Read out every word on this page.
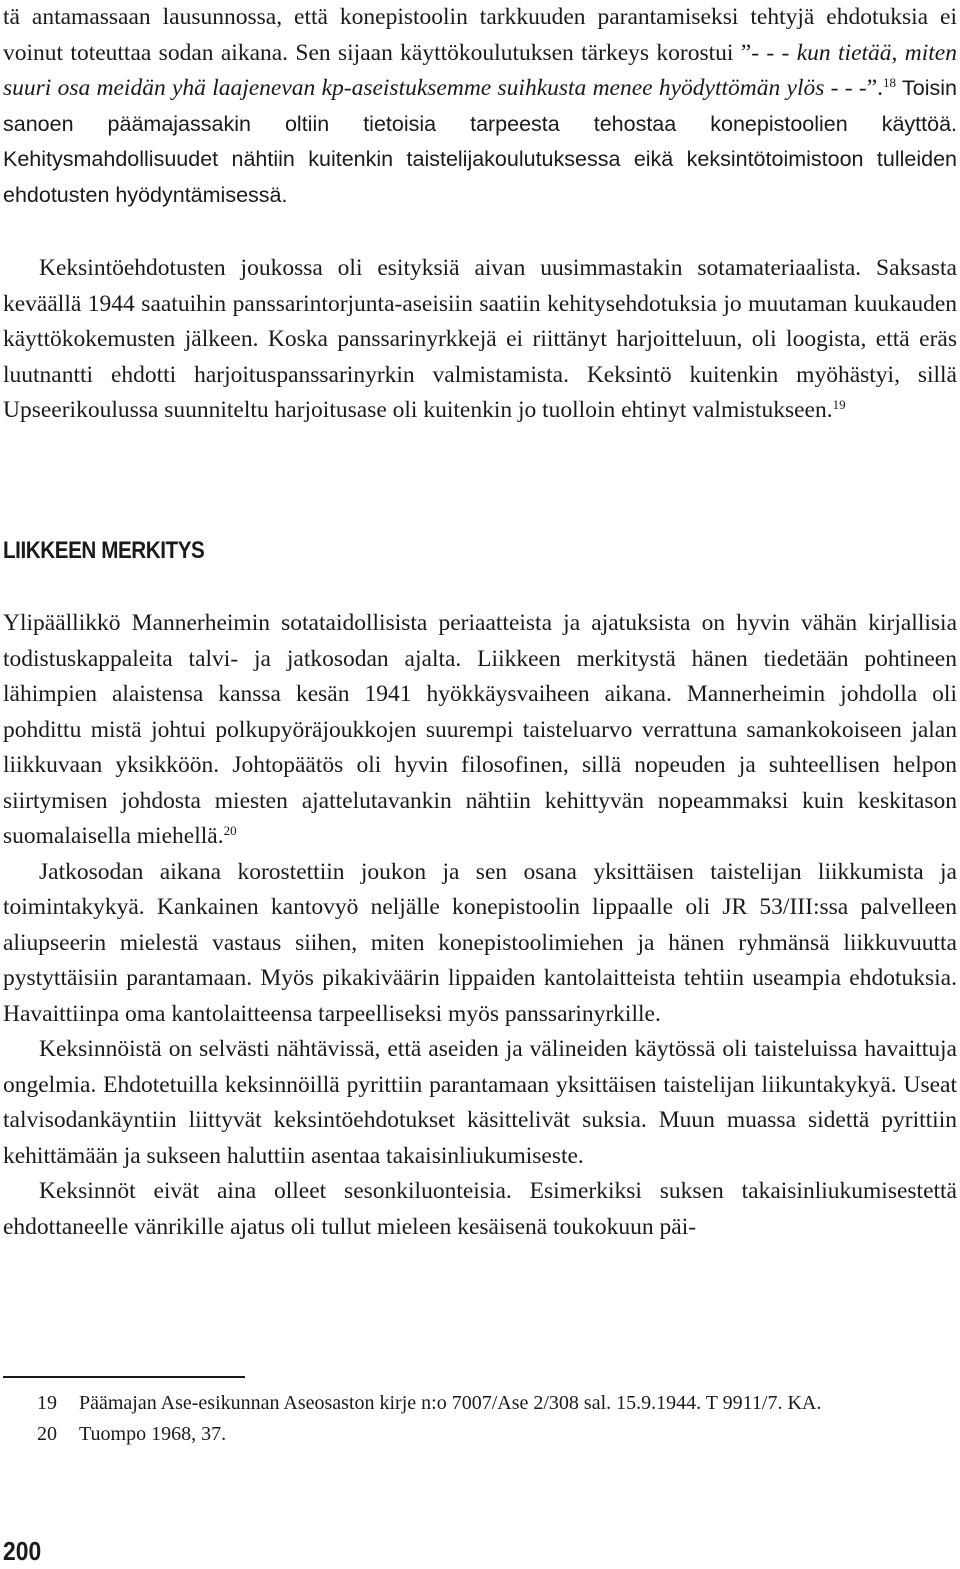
tä antamassaan lausunnossa, että konepistoolin tarkkuuden parantamiseksi tehtyjä ehdotuksia ei voinut toteuttaa sodan aikana. Sen sijaan käyttökoulutuksen tärkeys korostui ”- - - kun tietää, miten suuri osa meidän yhä laajenevan kp-aseistuksemme suihkusta menee hyödyttömän ylös - - -”.$^{18}$ Toisin sanoen päämajassakin oltiin tietoisia tarpeesta tehostaa konepistoolien käyttöä. Kehitysmahdollisuudet nähtiin kuitenkin taistelijakoulutuksessa eikä keksintötoimistoon tulleiden ehdotusten hyödyntämisessä.

Keksintöehdotusten joukossa oli esityksiä aivan uusimmastakin sotamateriaalista. Saksasta keväällä 1944 saatuihin panssarintorjunta-aseisiin saatiin kehitysehdotuksia jo muutaman kuukauden käyttökokemusten jälkeen. Koska panssarinyrkkejä ei riittänyt harjoitteluun, oli loogista, että eräs luutnantti ehdotti harjoituspanssarinyrkin valmistamista. Keksintö kuitenkin myöhästyi, sillä Upseerikoulussa suunniteltu harjoitusase oli kuitenkin jo tuolloin ehtinyt valmistukseen.$^{19}$

LIIKKEEN MERKITYS

Ylipäällikkö Mannerheimin sotataidollisista periaatteista ja ajatuksista on hyvin vähän kirjallisia todistuskappaleita talvi- ja jatkosodan ajalta. Liikkeen merkitystä hänen tiedetään pohtineen lähimpien alaistensa kanssa kesän 1941 hyökkäysvaiheen aikana. Mannerheimin johdolla oli pohdittu mistä johtui polkupyöräjoukkojen suurempi taisteluarvo verrattuna samankokoiseen jalan liikkuvaan yksikköön. Johtopäätös oli hyvin filosofinen, sillä nopeuden ja suhteellisen helpon siirtymisen johdosta miesten ajattelutavankin nähtiin kehittyvän nopeammaksi kuin keskitason suomalaisella miehellä.$^{20}$

Jatkosodan aikana korostettiin joukon ja sen osana yksittäisen taistelijan liikkumista ja toimintakykyä. Kankainen kantovyö neljälle konepistoolin lippaalle oli JR 53/III:ssa palvelleen aliupseerin mielestä vastaus siihen, miten konepistoolimiehen ja hänen ryhmänsä liikkuvuutta pystyttäisiin parantamaan. Myös pikakiväärin lippaiden kantolaitteista tehtiin useampia ehdotuksia. Havaittiinpa oma kantolaitteensa tarpeelliseksi myös panssarinyrkille.

Keksinnöistä on selvästi nähtävissä, että aseiden ja välineiden käytössä oli taisteluissa havaittuja ongelmia. Ehdotetuilla keksinnöillä pyrittiin parantamaan yksittäisen taistelijan liikuntakykyä. Useat talvisodankäyntiin liittyvät keksintöehdotukset käsittelivät suksia. Muun muassa sidettä pyrittiin kehittämään ja sukseen haluttiin asentaa takaisinliukumiseste.

Keksinnöt eivät aina olleet sesonkiluonteisia. Esimerkiksi suksen takaisinliukumisestettä ehdottaneelle vänrikille ajatus oli tullut mieleen kesäisenä toukokuun päi-

19	Päämajan Ase-esikunnan Aseosaston kirje n:o 7007/Ase 2/308 sal. 15.9.1944. T 9911/7. KA.
20	Tuompo 1968, 37.
200
